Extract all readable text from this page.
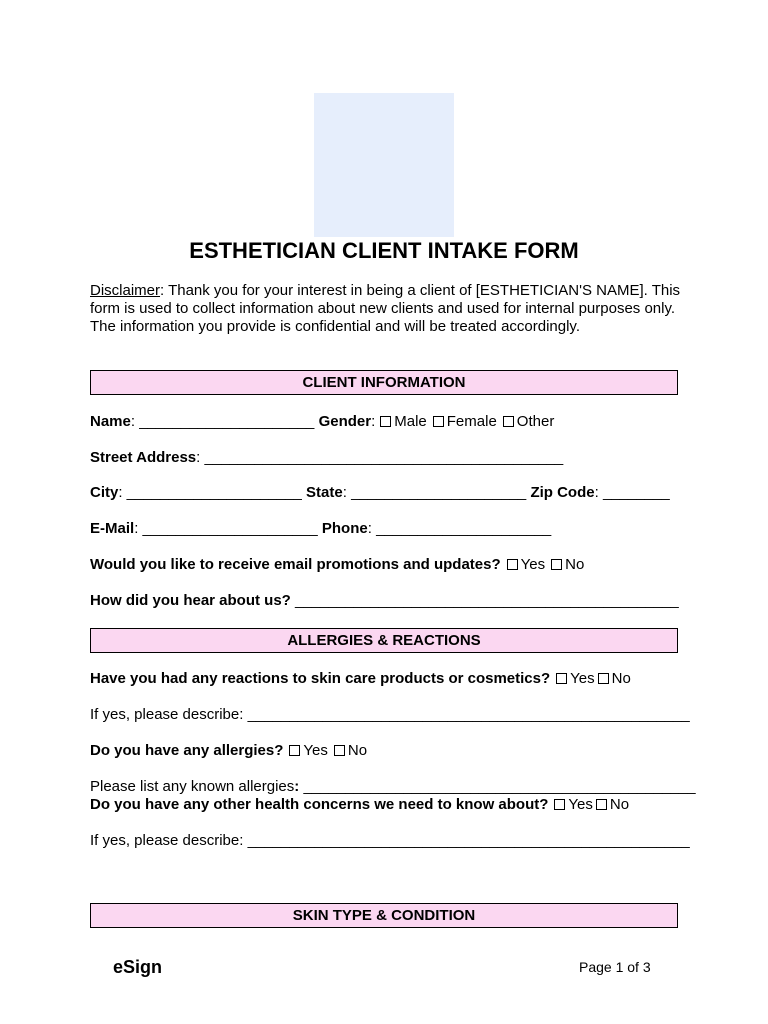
ESTHETICIAN CLIENT INTAKE FORM
Disclaimer: Thank you for your interest in being a client of [ESTHETICIAN'S NAME]. This form is used to collect information about new clients and used for internal purposes only. The information you provide is confidential and will be treated accordingly.
CLIENT INFORMATION
Name: _____________________ Gender: Male Female Other
Street Address: ___________________________________________
City: _____________________ State: _____________________ Zip Code: ________
E-Mail: _____________________ Phone: _____________________
Would you like to receive email promotions and updates? Yes No
How did you hear about us? ______________________________________________
ALLERGIES & REACTIONS
Have you had any reactions to skin care products or cosmetics? Yes No
If yes, please describe: _____________________________________________________
Do you have any allergies? Yes No
Please list any known allergies: _______________________________________________
Do you have any other health concerns we need to know about? Yes No
If yes, please describe: _____________________________________________________
SKIN TYPE & CONDITION
eSign	Page 1 of 3
